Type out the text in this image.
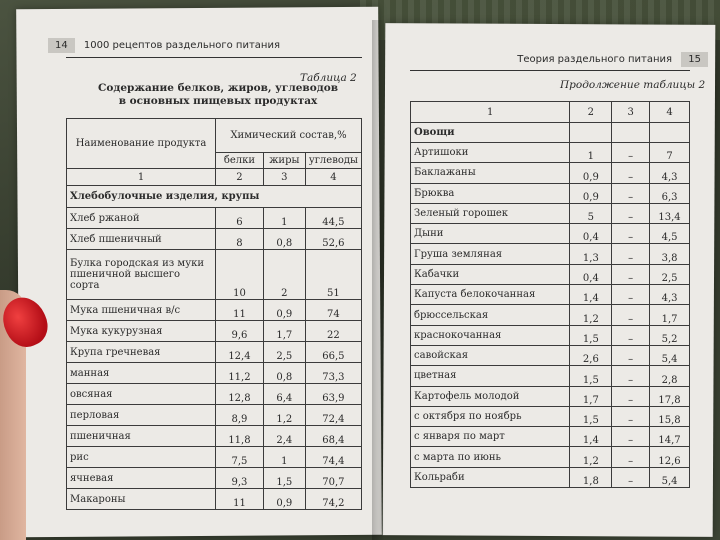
14 1000 рецептов раздельного питания
Таблица 2
Содержание белков, жиров, углеводов
в основных пищевых продуктах
Наименование продукта	Химический состав,%		
	белки	жиры	углеводы
1	2	3	4
Хлебобулочные изделия, крупы			
Хлеб ржаной	6	1	44,5
Хлеб пшеничный	8	0,8	52,6
Булка городская из муки пшеничной высшего сорта	10	2	51
Мука пшеничная в/с	11	0,9	74
Мука кукурузная	9,6	1,7	22
Крупа гречневая	12,4	2,5	66,5
манная	11,2	0,8	73,3
овсяная	12,8	6,4	63,9
перловая	8,9	1,2	72,4
пшеничная	11,8	2,4	68,4
рис	7,5	1	74,4
ячневая	9,3	1,5	70,7
Макароны	11	0,9	74,2
Теория раздельного питания 15
Продолжение таблицы 2
1	2	3	4
Овощи			
Артишоки	1	–	7
Баклажаны	0,9	–	4,3
Брюква	0,9	–	6,3
Зеленый горошек	5	–	13,4
Дыни	0,4	–	4,5
Груша земляная	1,3	–	3,8
Кабачки	0,4	–	2,5
Капуста белокочанная	1,4	–	4,3
брюссельская	1,2	–	1,7
краснокочанная	1,5	–	5,2
савойская	2,6	–	5,4
цветная	1,5	–	2,8
Картофель молодой	1,7	–	17,8
с октября по ноябрь	1,5	–	15,8
с января по март	1,4	–	14,7
с марта по июнь	1,2	–	12,6
Кольраби	1,8	–	5,4
